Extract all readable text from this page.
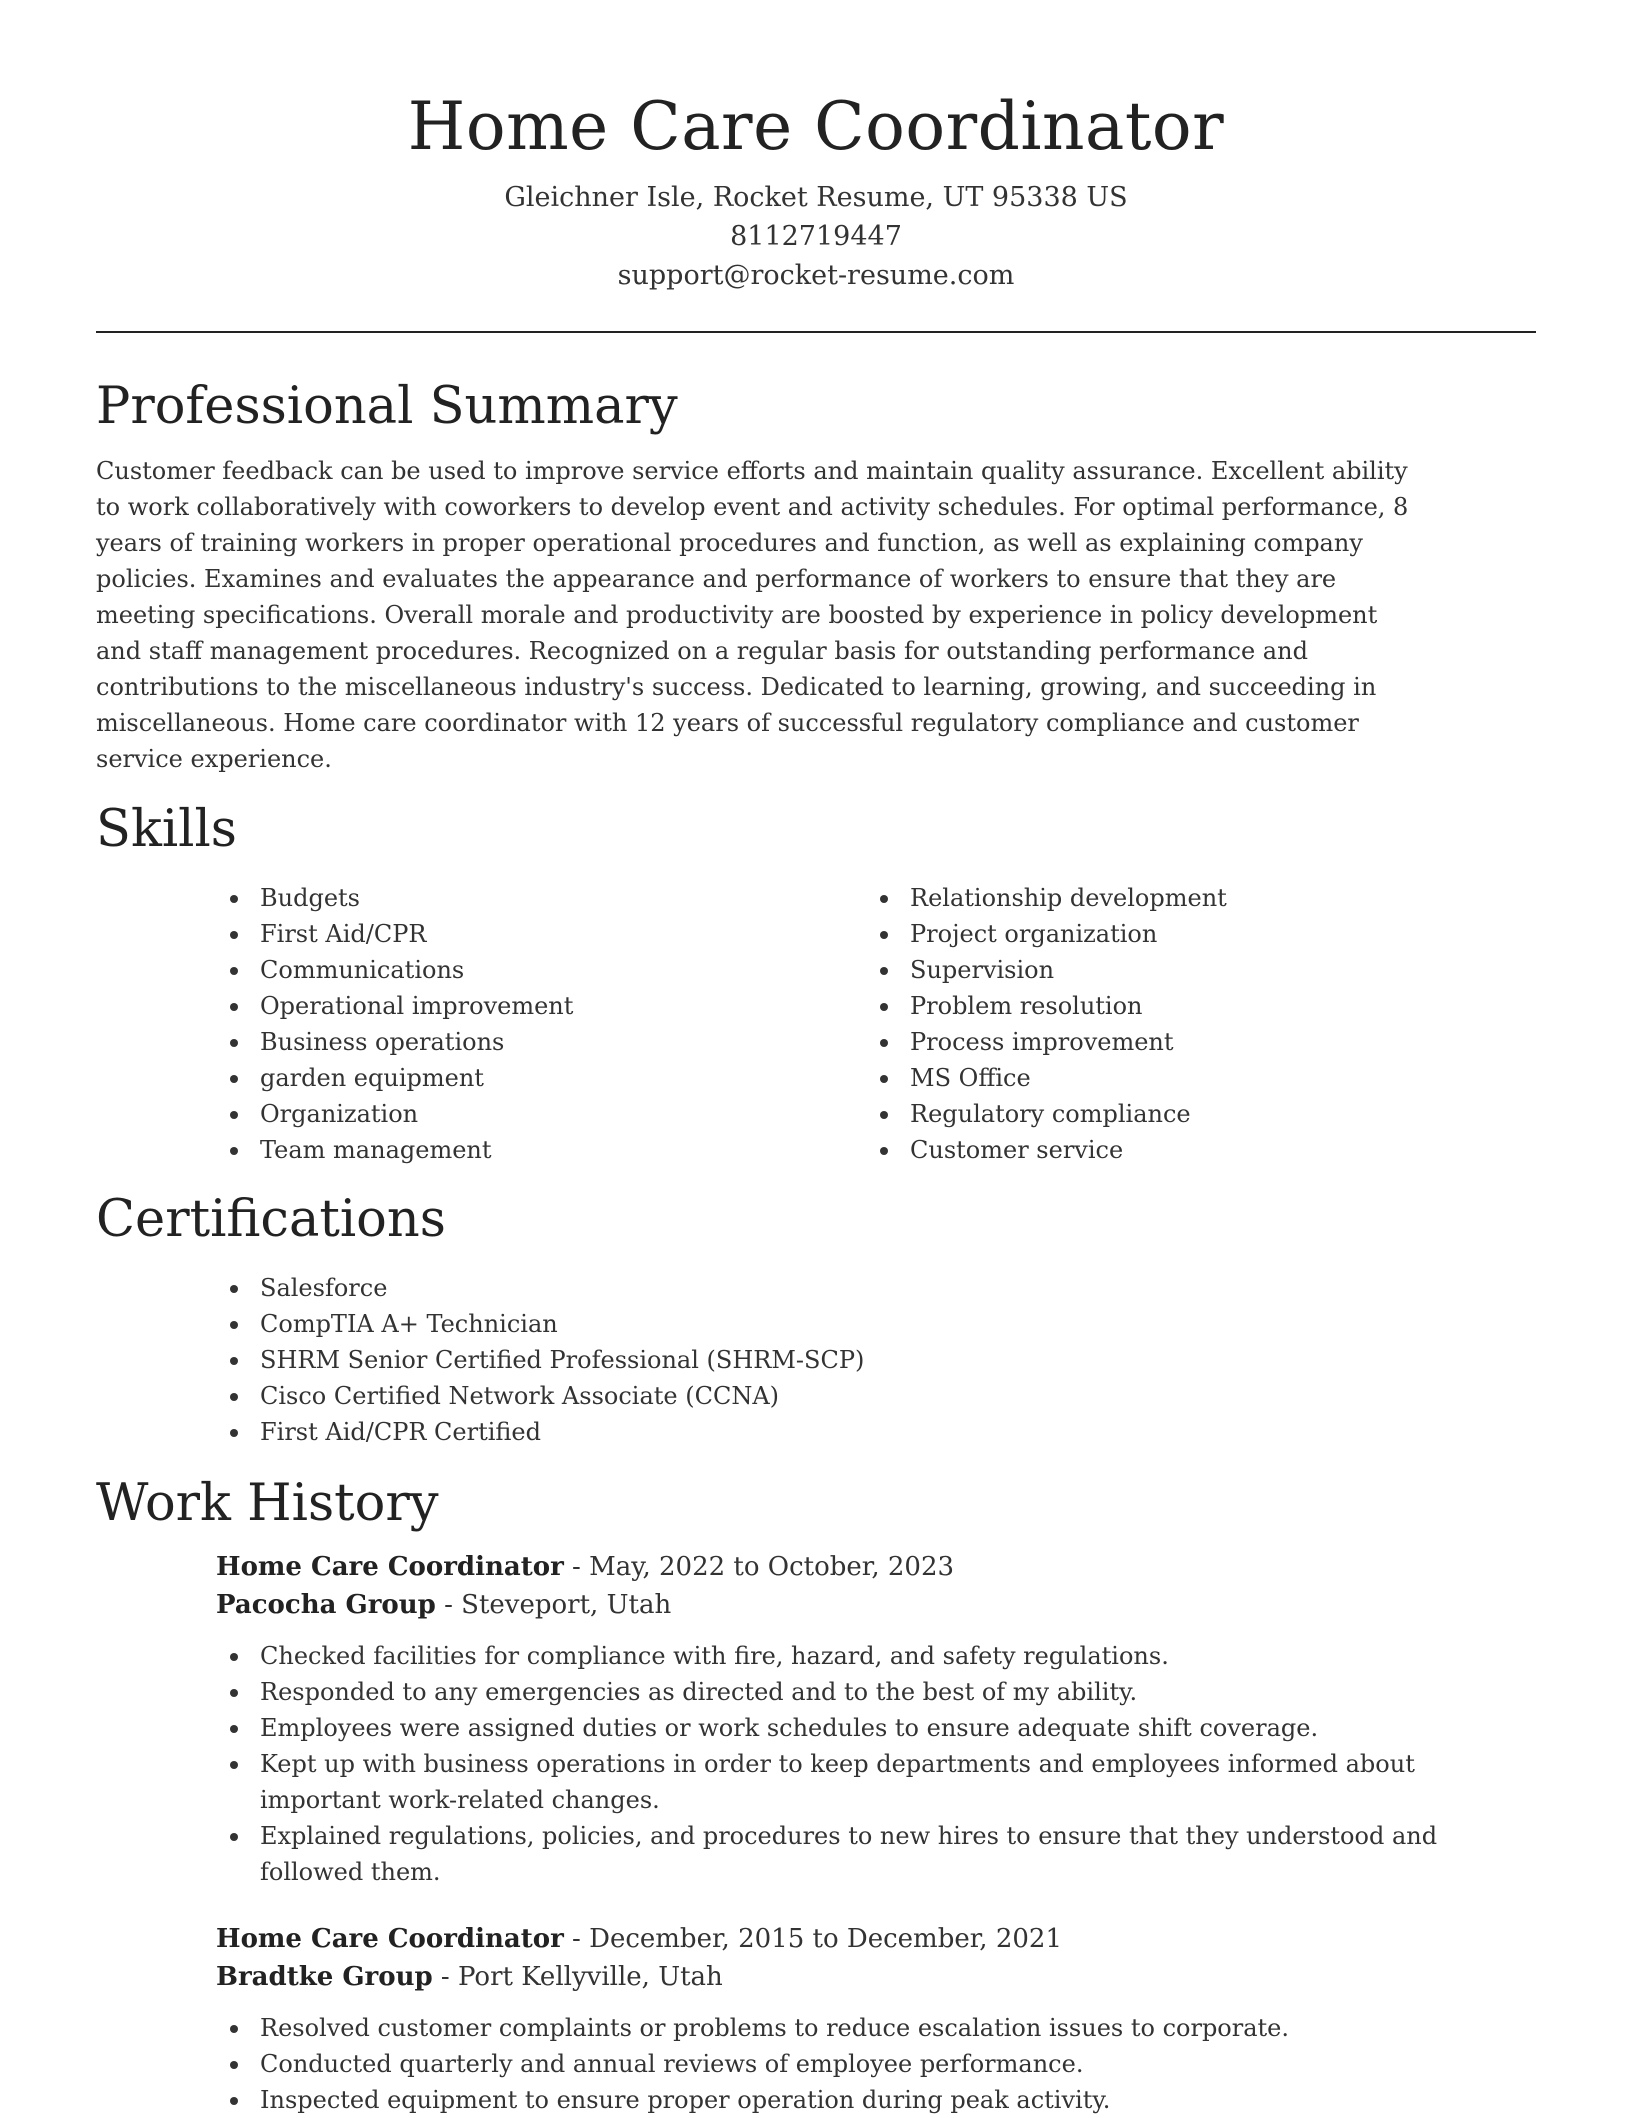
Home Care Coordinator
Gleichner Isle, Rocket Resume, UT 95338 US
8112719447
support@rocket-resume.com
Professional Summary

Customer feedback can be used to improve service efforts and maintain quality assurance. Excellent ability to work collaboratively with coworkers to develop event and activity schedules. For optimal performance, 8 years of training workers in proper operational procedures and function, as well as explaining company policies. Examines and evaluates the appearance and performance of workers to ensure that they are meeting specifications. Overall morale and productivity are boosted by experience in policy development and staff management procedures. Recognized on a regular basis for outstanding performance and contributions to the miscellaneous industry's success. Dedicated to learning, growing, and succeeding in miscellaneous. Home care coordinator with 12 years of successful regulatory compliance and customer service experience.

Skills
Budgets
First Aid/CPR
Communications
Operational improvement
Business operations
garden equipment
Organization
Team management
Relationship development
Project organization
Supervision
Problem resolution
Process improvement
MS Office
Regulatory compliance
Customer service
Certifications
Salesforce
CompTIA A+ Technician
SHRM Senior Certified Professional (SHRM-SCP)
Cisco Certified Network Associate (CCNA)
First Aid/CPR Certified
Work History
Home Care Coordinator - May, 2022 to October, 2023
Pacocha Group - Steveport, Utah
Checked facilities for compliance with fire, hazard, and safety regulations.
Responded to any emergencies as directed and to the best of my ability.
Employees were assigned duties or work schedules to ensure adequate shift coverage.
Kept up with business operations in order to keep departments and employees informed about important work-related changes.
Explained regulations, policies, and procedures to new hires to ensure that they understood and followed them.
Home Care Coordinator - December, 2015 to December, 2021
Bradtke Group - Port Kellyville, Utah
Resolved customer complaints or problems to reduce escalation issues to corporate.
Conducted quarterly and annual reviews of employee performance.
Inspected equipment to ensure proper operation during peak activity.
